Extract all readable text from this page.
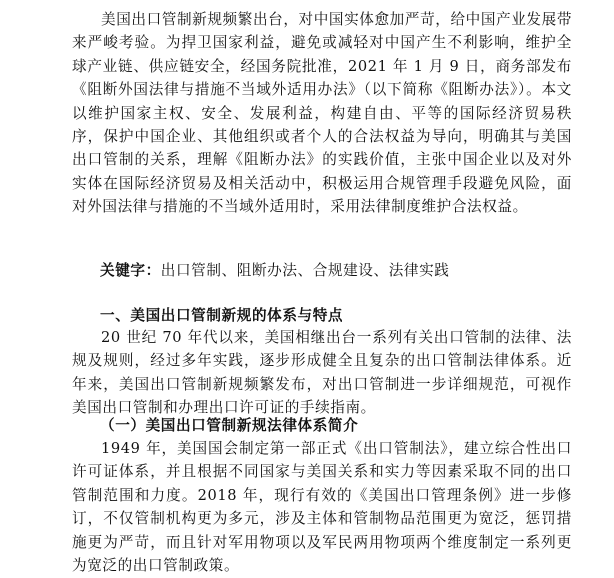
美国出口管制新规频繁出台，对中国实体愈加严苛，给中国产业发展带来严峻考验。为捍卫国家利益，避免或减轻对中国产生不利影响，维护全球产业链、供应链安全，经国务院批准，2021 年 1 月 9 日，商务部发布《阻断外国法律与措施不当域外适用办法》（以下简称《阻断办法》）。本文以维护国家主权、安全、发展利益，构建自由、平等的国际经济贸易秩序，保护中国企业、其他组织或者个人的合法权益为导向，明确其与美国出口管制的关系，理解《阻断办法》的实践价值，主张中国企业以及对外实体在国际经济贸易及相关活动中，积极运用合规管理手段避免风险，面对外国法律与措施的不当域外适用时，采用法律制度维护合法权益。

关键字：出口管制、阻断办法、合规建设、法律实践

一、美国出口管制新规的体系与特点

20 世纪 70 年代以来，美国相继出台一系列有关出口管制的法律、法规及规则，经过多年实践，逐步形成健全且复杂的出口管制法律体系。近年来，美国出口管制新规频繁发布，对出口管制进一步详细规范，可视作美国出口管制和办理出口许可证的手续指南。

（一）美国出口管制新规法律体系简介

1949 年，美国国会制定第一部正式《出口管制法》，建立综合性出口许可证体系，并且根据不同国家与美国关系和实力等因素采取不同的出口管制范围和力度。2018 年，现行有效的《美国出口管理条例》进一步修订，不仅管制机构更为多元，涉及主体和管制物品范围更为宽泛，惩罚措施更为严苛，而且针对军用物项以及军民两用物项两个维度制定一系列更为宽泛的出口管制政策。
